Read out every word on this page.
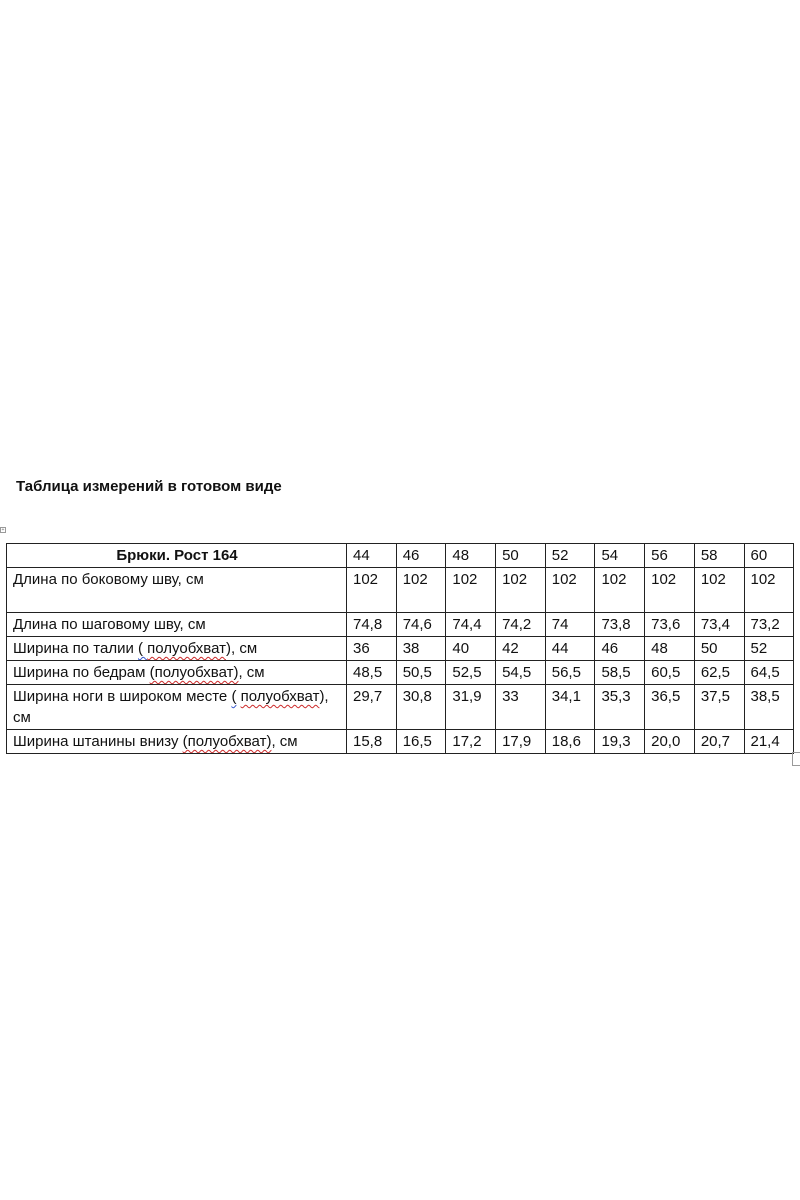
Таблица измерений в готовом виде
+
Брюки. Рост 164	44	46	48	50	52	54	56	58	60
Длина по боковому шву, см	102	102	102	102	102	102	102	102	102
Длина по шаговому шву, см	74,8	74,6	74,4	74,2	74	73,8	73,6	73,4	73,2
Ширина по талии ( полуобхват), см	36	38	40	42	44	46	48	50	52
Ширина по бедрам (полуобхват), см	48,5	50,5	52,5	54,5	56,5	58,5	60,5	62,5	64,5
Ширина ноги в широком месте ( полуобхват), см	29,7	30,8	31,9	33	34,1	35,3	36,5	37,5	38,5
Ширина штанины внизу (полуобхват), см	15,8	16,5	17,2	17,9	18,6	19,3	20,0	20,7	21,4
